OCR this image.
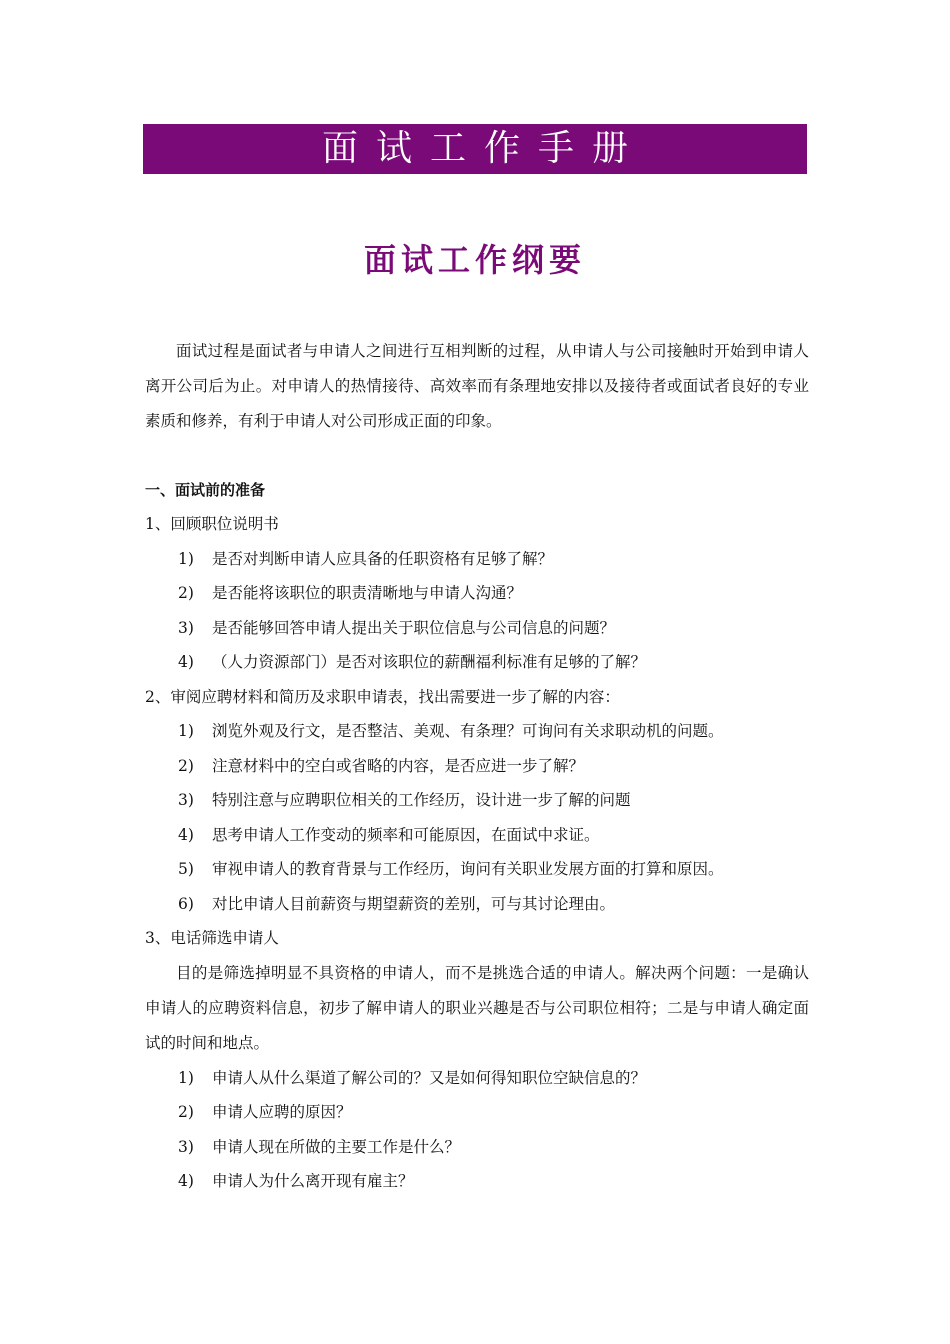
面试工作手册
面试工作纲要

面试过程是面试者与申请人之间进行互相判断的过程，从申请人与公司接触时开始到申请人离开公司后为止。对申请人的热情接待、高效率而有条理地安排以及接待者或面试者良好的专业素质和修养，有利于申请人对公司形成正面的印象。

一、面试前的准备
1、回顾职位说明书
1)	是否对判断申请人应具备的任职资格有足够了解？
2)	是否能将该职位的职责清晰地与申请人沟通？
3)	是否能够回答申请人提出关于职位信息与公司信息的问题？
4)	（人力资源部门）是否对该职位的薪酬福利标准有足够的了解？
2、审阅应聘材料和简历及求职申请表，找出需要进一步了解的内容：
1)	浏览外观及行文，是否整洁、美观、有条理？可询问有关求职动机的问题。
2)	注意材料中的空白或省略的内容，是否应进一步了解？
3)	特别注意与应聘职位相关的工作经历，设计进一步了解的问题
4)	思考申请人工作变动的频率和可能原因，在面试中求证。
5)	审视申请人的教育背景与工作经历，询问有关职业发展方面的打算和原因。
6)	对比申请人目前薪资与期望薪资的差别，可与其讨论理由。
3、电话筛选申请人

目的是筛选掉明显不具资格的申请人，而不是挑选合适的申请人。解决两个问题：一是确认申请人的应聘资料信息，初步了解申请人的职业兴趣是否与公司职位相符；二是与申请人确定面试的时间和地点。

1)	申请人从什么渠道了解公司的？又是如何得知职位空缺信息的？
2)	申请人应聘的原因？
3)	申请人现在所做的主要工作是什么？
4)	申请人为什么离开现有雇主？
